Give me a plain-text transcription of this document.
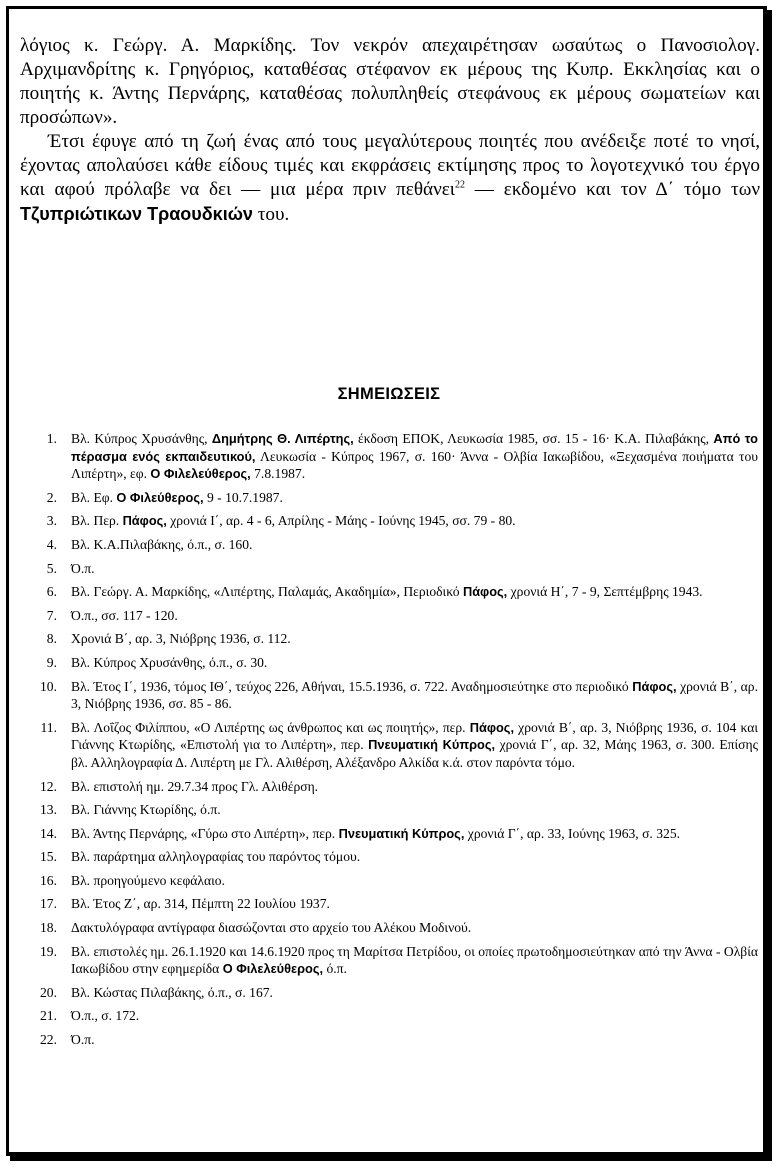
λόγιος κ. Γεώργ. Α. Μαρκίδης. Τον νεκρόν απεχαιρέτησαν ωσαύτως ο Πανοσιολογ. Αρχιμανδρίτης κ. Γρηγόριος, καταθέσας στέφανον εκ μέρους της Κυπρ. Εκκλησίας και ο ποιητής κ. Άντης Περνάρης, καταθέσας πολυπληθείς στεφάνους εκ μέρους σωματείων και προσώπων».

Έτσι έφυγε από τη ζωή ένας από τους μεγαλύτερους ποιητές που ανέδειξε ποτέ το νησί, έχοντας απολαύσει κάθε είδους τιμές και εκφράσεις εκτίμησης προς το λογοτεχνικό του έργο και αφού πρόλαβε να δει — μια μέρα πριν πεθάνει$^{22}$ — εκδομένο και τον Δ΄ τόμο των Τζυπριώτικων Τραουδκιών του.

ΣΗΜΕΙΩΣΕΙΣ
1.	Βλ. Κύπρος Χρυσάνθης, Δημήτρης Θ. Λιπέρτης, έκδοση ΕΠΟΚ, Λευκωσία 1985, σσ. 15 - 16· Κ.Α. Πιλαβάκης, Από το πέρασμα ενός εκπαιδευτικού, Λευκωσία - Κύπρος 1967, σ. 160· Άννα - Ολβία Ιακωβίδου, «Ξεχασμένα ποιήματα του Λιπέρτη», εφ. Ο Φιλελεύθερος, 7.8.1987.
2.	Βλ. Εφ. Ο Φιλεύθερος, 9 - 10.7.1987.
3.	Βλ. Περ. Πάφος, χρονιά Ι΄, αρ. 4 - 6, Απρίλης - Μάης - Ιούνης 1945, σσ. 79 - 80.
4.	Βλ. Κ.Α.Πιλαβάκης, ό.π., σ. 160.
5.	Ό.π.
6.	Βλ. Γεώργ. Α. Μαρκίδης, «Λιπέρτης, Παλαμάς, Ακαδημία», Περιοδικό Πάφος, χρονιά Η΄, 7 - 9, Σεπτέμβρης 1943.
7.	Ό.π., σσ. 117 - 120.
8.	Χρονιά Β΄, αρ. 3, Νιόβρης 1936, σ. 112.
9.	Βλ. Κύπρος Χρυσάνθης, ό.π., σ. 30.
10.	Βλ. Έτος Ι΄, 1936, τόμος ΙΘ΄, τεύχος 226, Αθήναι, 15.5.1936, σ. 722. Αναδημοσιεύτηκε στο περιοδικό Πάφος, χρονιά Β΄, αρ. 3, Νιόβρης 1936, σσ. 85 - 86.
11.	Βλ. Λοΐζος Φιλίππου, «Ο Λιπέρτης ως άνθρωπος και ως ποιητής», περ. Πάφος, χρονιά Β΄, αρ. 3, Νιόβρης 1936, σ. 104 και Γιάννης Κτωρίδης, «Επιστολή για το Λιπέρτη», περ. Πνευματική Κύπρος, χρονιά Γ΄, αρ. 32, Μάης 1963, σ. 300. Επίσης βλ. Αλληλογραφία Δ. Λιπέρτη με Γλ. Αλιθέρση, Αλέξανδρο Αλκίδα κ.ά. στον παρόντα τόμο.
12.	Βλ. επιστολή ημ. 29.7.34 προς Γλ. Αλιθέρση.
13.	Βλ. Γιάννης Κτωρίδης, ό.π.
14.	Βλ. Άντης Περνάρης, «Γύρω στο Λιπέρτη», περ. Πνευματική Κύπρος, χρονιά Γ΄, αρ. 33, Ιούνης 1963, σ. 325.
15.	Βλ. παράρτημα αλληλογραφίας του παρόντος τόμου.
16.	Βλ. προηγούμενο κεφάλαιο.
17.	Βλ. Έτος Ζ΄, αρ. 314, Πέμπτη 22 Ιουλίου 1937.
18.	Δακτυλόγραφα αντίγραφα διασώζονται στο αρχείο του Αλέκου Μοδινού.
19.	Βλ. επιστολές ημ. 26.1.1920 και 14.6.1920 προς τη Μαρίτσα Πετρίδου, οι οποίες πρωτοδημοσιεύτηκαν από την Άννα - Ολβία Ιακωβίδου στην εφημερίδα Ο Φιλελεύθερος, ό.π.
20.	Βλ. Κώστας Πιλαβάκης, ό.π., σ. 167.
21.	Ό.π., σ. 172.
22.	Ό.π.
